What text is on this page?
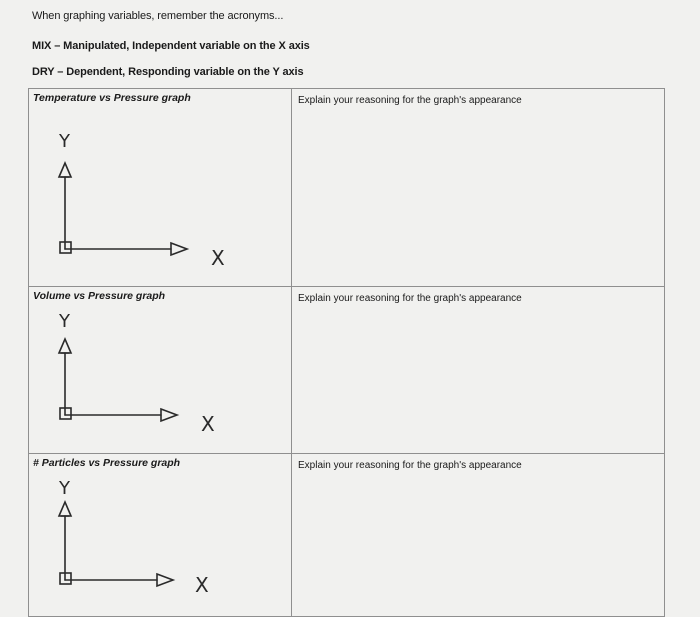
When graphing variables, remember the acronyms...
MIX – Manipulated, Independent variable on the X axis
DRY – Dependent, Responding variable on the Y axis
Temperature vs Pressure graph
Y
X	Explain your reasoning for the graph's appearance

Volume vs Pressure graph
Y
X	Explain your reasoning for the graph's appearance

# Particles vs Pressure graph
Y
X	Explain your reasoning for the graph's appearance
